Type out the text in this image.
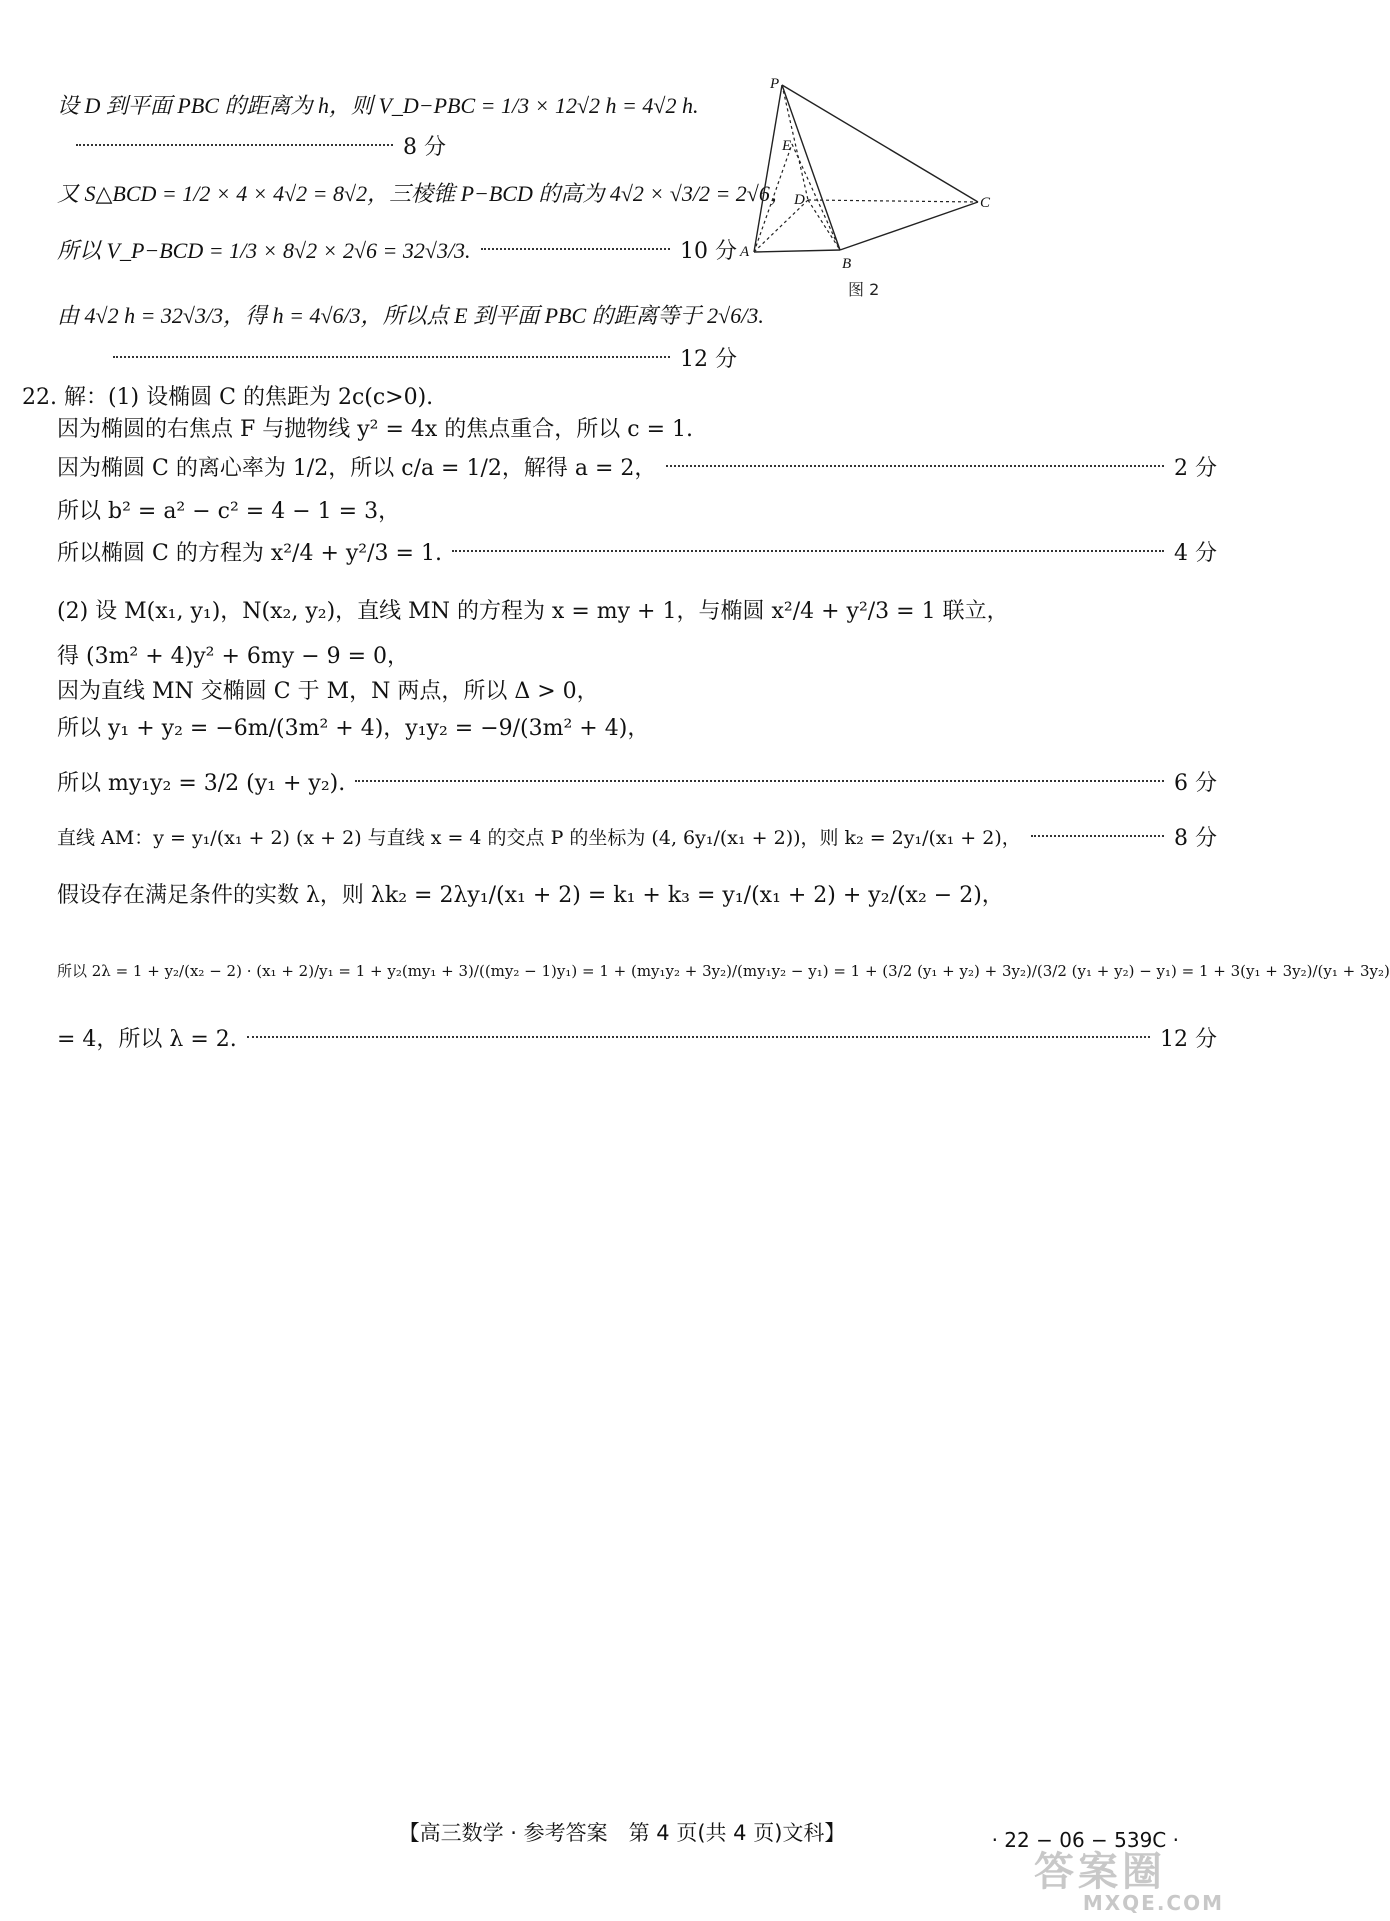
设 D 到平面 PBC 的距离为 h，则 V_D−PBC = 1/3 × 12√2 h = 4√2 h.
8 分
又 S△BCD = 1/2 × 4 × 4√2 = 8√2，三棱锥 P−BCD 的高为 4√2 × √3/2 = 2√6，
所以 V_P−BCD = 1/3 × 8√2 × 2√6 = 32√3/3.	10 分
由 4√2 h = 32√3/3，得 h = 4√6/3，所以点 E 到平面 PBC 的距离等于 2√6/3.
12 分
22. 解：(1) 设椭圆 C 的焦距为 2c(c>0).
因为椭圆的右焦点 F 与抛物线 y² = 4x 的焦点重合，所以 c = 1.
因为椭圆 C 的离心率为 1/2，所以 c/a = 1/2，解得 a = 2，	2 分
所以 b² = a² − c² = 4 − 1 = 3，
所以椭圆 C 的方程为 x²/4 + y²/3 = 1.	4 分
(2) 设 M(x₁, y₁)，N(x₂, y₂)，直线 MN 的方程为 x = my + 1，与椭圆 x²/4 + y²/3 = 1 联立，
得 (3m² + 4)y² + 6my − 9 = 0，
因为直线 MN 交椭圆 C 于 M，N 两点，所以 Δ > 0，
所以 y₁ + y₂ = −6m/(3m² + 4)，y₁y₂ = −9/(3m² + 4)，
所以 my₁y₂ = 3/2 (y₁ + y₂).	6 分
直线 AM：y = y₁/(x₁ + 2) (x + 2) 与直线 x = 4 的交点 P 的坐标为 (4, 6y₁/(x₁ + 2))，则 k₂ = 2y₁/(x₁ + 2)，	8 分
假设存在满足条件的实数 λ，则 λk₂ = 2λy₁/(x₁ + 2) = k₁ + k₃ = y₁/(x₁ + 2) + y₂/(x₂ − 2)，
所以 2λ = 1 + y₂/(x₂ − 2) · (x₁ + 2)/y₁ = 1 + y₂(my₁ + 3)/((my₂ − 1)y₁) = 1 + (my₁y₂ + 3y₂)/(my₁y₂ − y₁) = 1 + (3/2 (y₁ + y₂) + 3y₂)/(3/2 (y₁ + y₂) − y₁) = 1 + 3(y₁ + 3y₂)/(y₁ + 3y₂)
= 4，所以 λ = 2.	12 分
P
E
D	C
A
B
图 2
【高三数学 · 参考答案　第 4 页(共 4 页)文科】	· 22 − 06 − 539C ·
答案圈
MXQE.COM
